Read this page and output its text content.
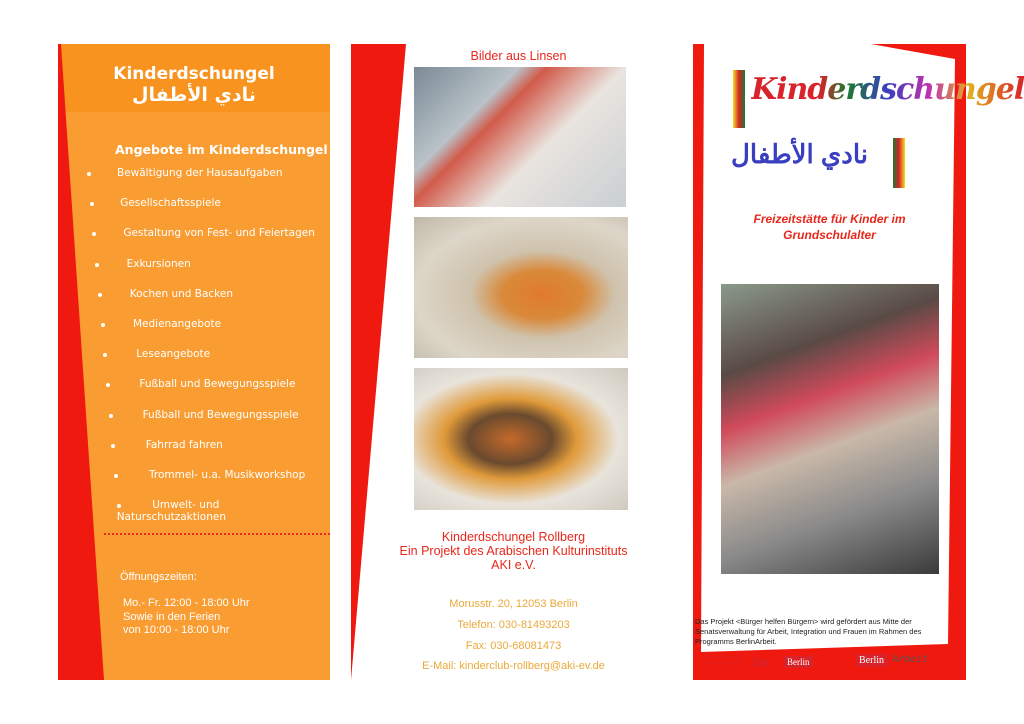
Kinderdschungel
نادي الأطفال
Angebote im Kinderdschungel
Bewältigung der Hausaufgaben
Gesellschaftsspiele
Gestaltung von Fest- und Feiertagen
Exkursionen
Kochen und Backen
Medienangebote
Leseangebote
Fußball und Bewegungsspiele
Fußball und Bewegungsspiele
Fahrrad fahren
Trommel- u.a. Musikworkshop
Umwelt- und Naturschutzaktionen
Öffnungszeiten:
Mo.- Fr. 12:00 - 18:00 Uhr
Sowie in den Ferien
von 10:00 - 18:00 Uhr
Bilder aus Linsen
Kinderdschungel Rollberg
Ein Projekt des Arabischen Kulturinstituts
AKI e.V.
Morusstr. 20, 12053 Berlin
Telefon: 030-81493203
Fax: 030-68081473
E-Mail: kinderclub-rollberg@aki-ev.de
Kinderdschungel
نادي الأطفال
Freizeitstätte für Kinder im
Grundschulalter
Das Projekt <Bürger helfen Bürgern> wird gefördert aus Mitte der Senatsverwaltung für Arbeit, Integration und Frauen im Rahmen des Programms BerlinArbeit.
Senatsverwaltung für Arbeit, Integration und Frauen be	Berlin	Berlin Arbeit
